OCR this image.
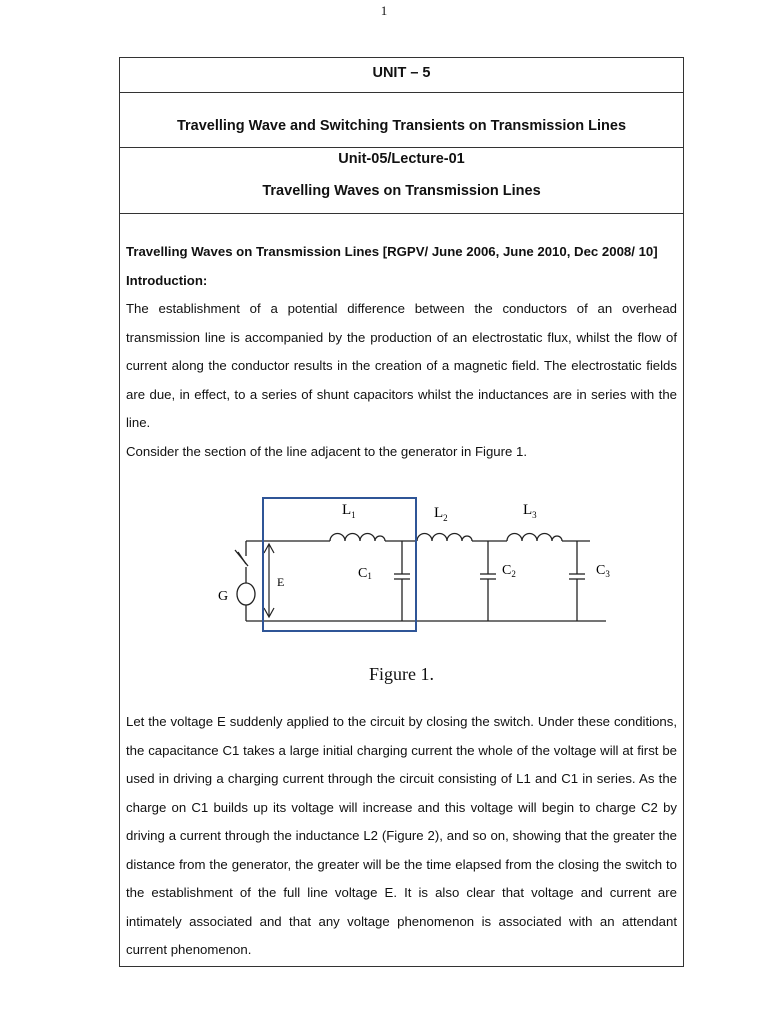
1
UNIT – 5
Travelling Wave and Switching Transients on Transmission Lines
Unit-05/Lecture-01
Travelling Waves on Transmission Lines

Travelling Waves on Transmission Lines [RGPV/ June 2006, June 2010, Dec 2008/ 10]

Introduction:

The establishment of a potential difference between the conductors of an overhead transmission line is accompanied by the production of an electrostatic flux, whilst the flow of current along the conductor results in the creation of a magnetic field. The electrostatic fields are due, in effect, to a series of shunt capacitors whilst the inductances are in series with the line.

Consider the section of the line adjacent to the generator in Figure 1.

G
E
$L_1$	$L_2$	$L_3$
C1	$C_2$	$C_3$
Figure 1.

Let the voltage E suddenly applied to the circuit by closing the switch. Under these conditions, the capacitance C1 takes a large initial charging current the whole of the voltage will at first be used in driving a charging current through the circuit consisting of L1 and C1 in series. As the charge on C1 builds up its voltage will increase and this voltage will begin to charge C2 by driving a current through the inductance L2 (Figure 2), and so on, showing that the greater the distance from the generator, the greater will be the time elapsed from the closing the switch to the establishment of the full line voltage E. It is also clear that voltage and current are intimately associated and that any voltage phenomenon is associated with an attendant current phenomenon.
